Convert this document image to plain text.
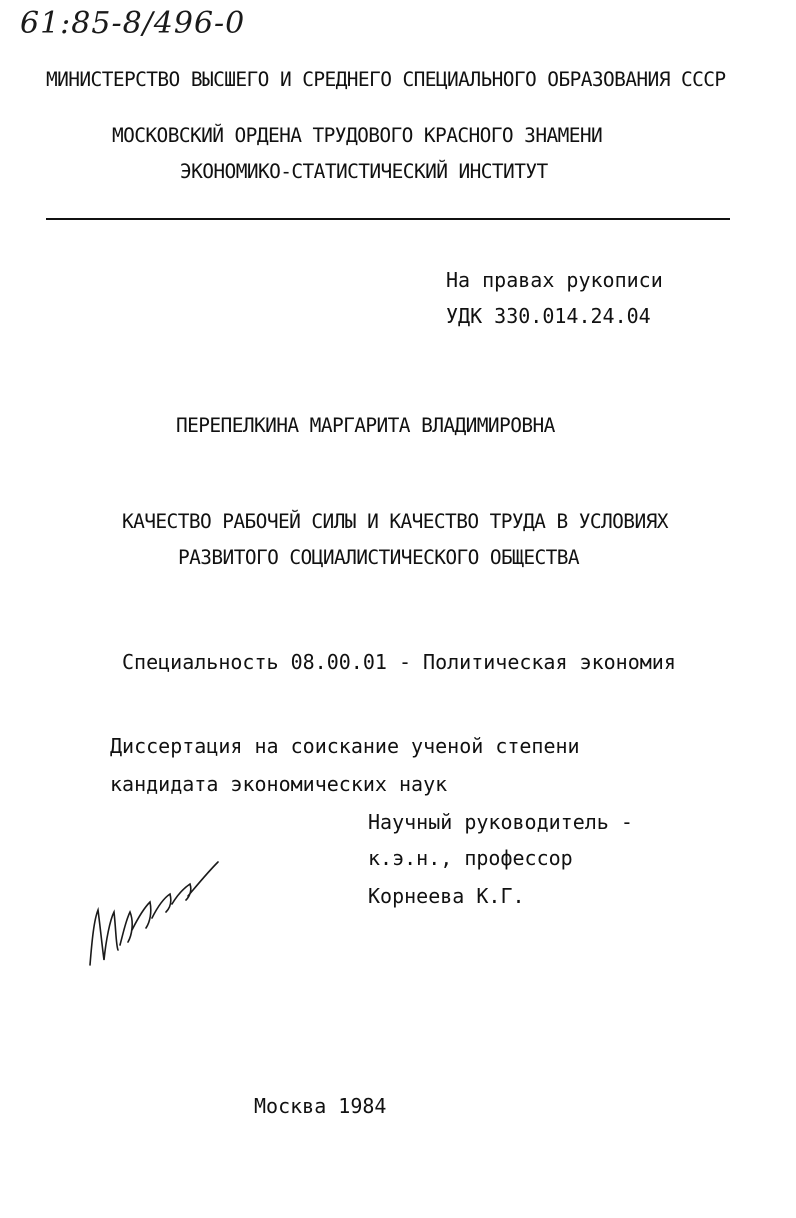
61:85-8/496-0
МИНИСТЕРСТВО ВЫСШЕГО И СРЕДНЕГО СПЕЦИАЛЬНОГО ОБРАЗОВАНИЯ СССР
МОСКОВСКИЙ ОРДЕНА ТРУДОВОГО КРАСНОГО ЗНАМЕНИ
ЭКОНОМИКО-СТАТИСТИЧЕСКИЙ ИНСТИТУТ
На правах рукописи
УДК 330.014.24.04
ПЕРЕПЕЛКИНА МАРГАРИТА ВЛАДИМИРОВНА
КАЧЕСТВО РАБОЧЕЙ СИЛЫ И КАЧЕСТВО ТРУДА В УСЛОВИЯХ
РАЗВИТОГО СОЦИАЛИСТИЧЕСКОГО ОБЩЕСТВА
Специальность 08.00.01 - Политическая экономия
Диссертация на соискание ученой степени
кандидата экономических наук
Научный руководитель -
к.э.н., профессор
Корнеева К.Г.
Москва 1984
